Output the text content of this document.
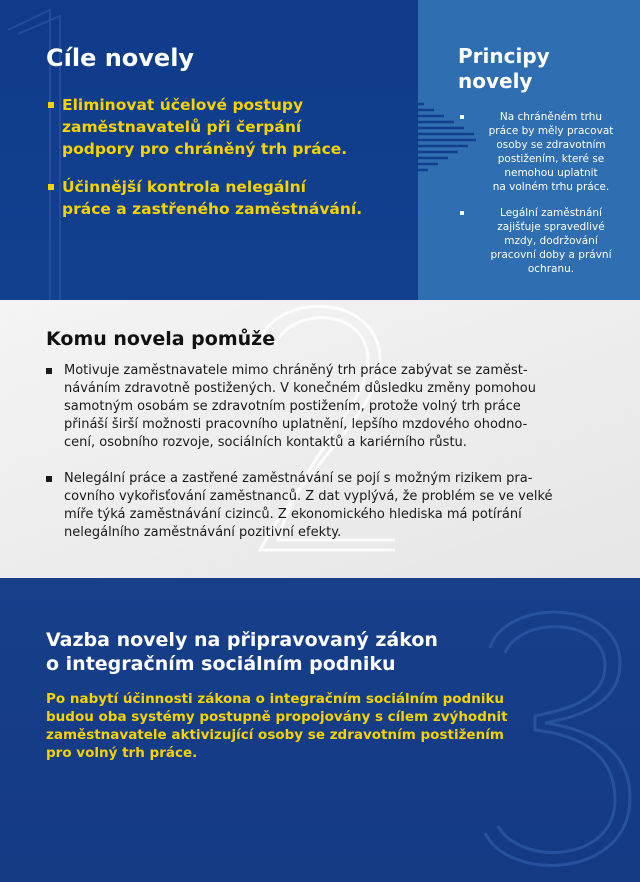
Cíle novely
Eliminovat účelové postupy
zaměstnavatelů při čerpání
podpory pro chráněný trh práce.
Účinnější kontrola nelegální
práce a zastřeného zaměstnávání.
Principy
novely
Na chráněném trhu
práce by měly pracovat
osoby se zdravotním
postižením, které se
nemohou uplatnit
na volném trhu práce.
Legální zaměstnání
zajišťuje spravedlivé
mzdy, dodržování
pracovní doby a právní
ochranu.
Komu novela pomůže
Motivuje zaměstnavatele mimo chráněný trh práce zabývat se zaměst-
náváním zdravotně postižených. V konečném důsledku změny pomohou
samotným osobám se zdravotním postižením, protože volný trh práce
přináší širší možnosti pracovního uplatnění, lepšího mzdového ohodno-
cení, osobního rozvoje, sociálních kontaktů a kariérního růstu.
Nelegální práce a zastřené zaměstnávání se pojí s možným rizikem pra-
covního vykořisťování zaměstnanců. Z dat vyplývá, že problém se ve velké
míře týká zaměstnávání cizinců. Z ekonomického hlediska má potírání
nelegálního zaměstnávání pozitivní efekty.
Vazba novely na připravovaný zákon
o integračním sociálním podniku
Po nabytí účinnosti zákona o integračním sociálním podniku
budou oba systémy postupně propojovány s cílem zvýhodnit
zaměstnavatele aktivizující osoby se zdravotním postižením
pro volný trh práce.
